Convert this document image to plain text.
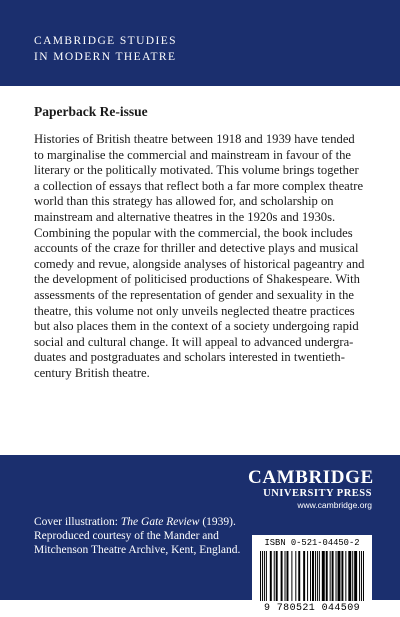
CAMBRIDGE STUDIES
IN MODERN THEATRE
Paperback Re-issue
Histories of British theatre between 1918 and 1939 have tended
to marginalise the commercial and mainstream in favour of the
literary or the politically motivated. This volume brings together
a collection of essays that reflect both a far more complex theatre
world than this strategy has allowed for, and scholarship on
mainstream and alternative theatres in the 1920s and 1930s.
Combining the popular with the commercial, the book includes
accounts of the craze for thriller and detective plays and musical
comedy and revue, alongside analyses of historical pageantry and
the development of politicised productions of Shakespeare. With
assessments of the representation of gender and sexuality in the
theatre, this volume not only unveils neglected theatre practices
but also places them in the context of a society undergoing rapid
social and cultural change. It will appeal to advanced undergra-
duates and postgraduates and scholars interested in twentieth-
century British theatre.
Cover illustration: The Gate Review (1939). Reproduced courtesy of the Mander and Mitchenson Theatre Archive, Kent, England.
CAMBRIDGE
UNIVERSITY PRESS
www.cambridge.org
ISBN 0-521-04450-2
9 780521 044509
